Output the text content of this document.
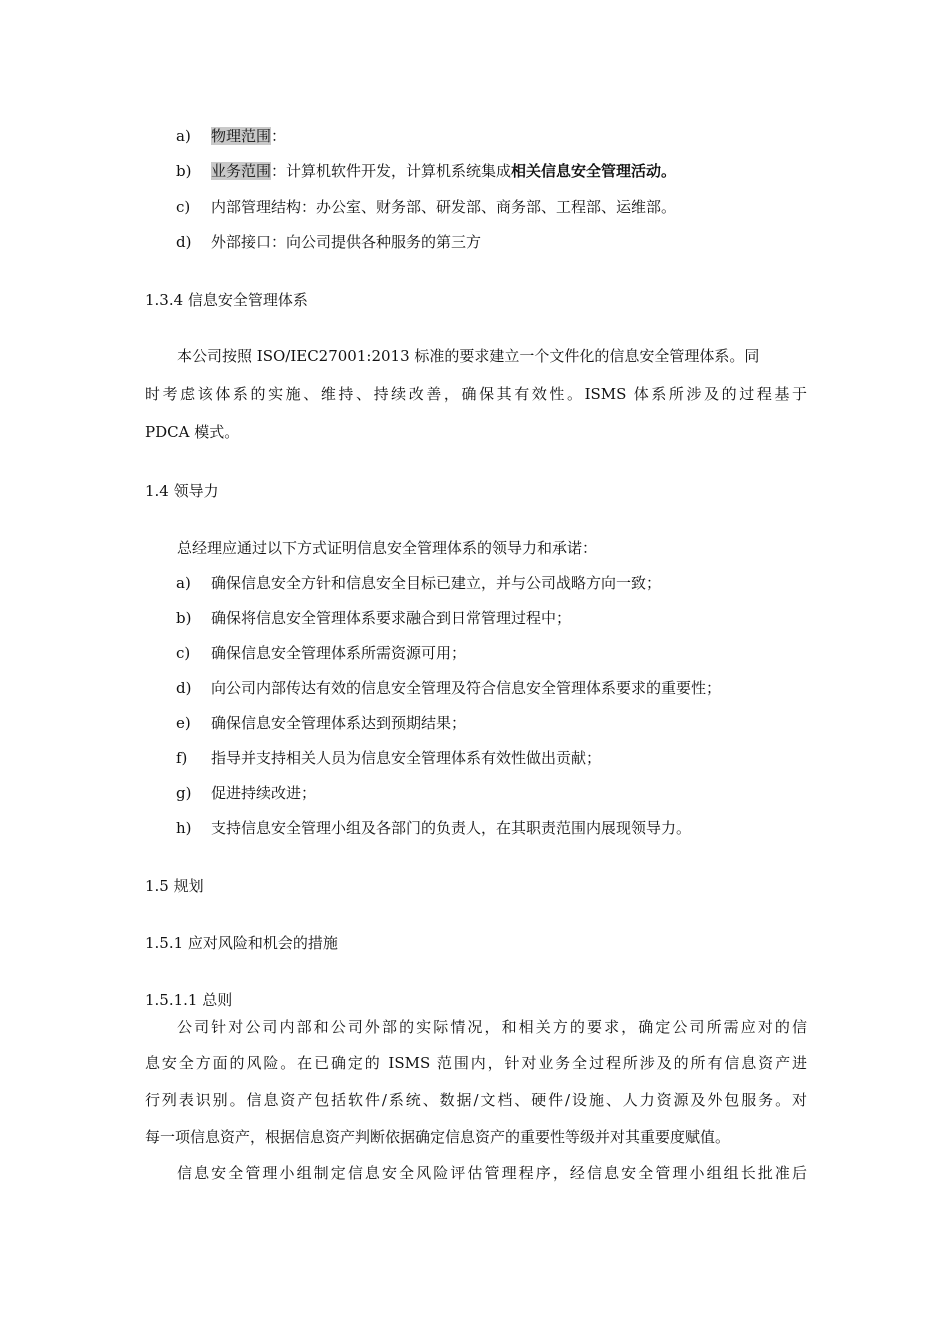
a) 物理范围：
b) 业务范围：计算机软件开发，计算机系统集成相关信息安全管理活动。
c) 内部管理结构：办公室、财务部、研发部、商务部、工程部、运维部。
d) 外部接口：向公司提供各种服务的第三方
1.3.4 信息安全管理体系
本公司按照 ISO/IEC27001:2013 标准的要求建立一个文件化的信息安全管理体系。同
时考虑该体系的实施、维持、持续改善，确保其有效性。ISMS 体系所涉及的过程基于
PDCA 模式。
1.4 领导力
总经理应通过以下方式证明信息安全管理体系的领导力和承诺：
a) 确保信息安全方针和信息安全目标已建立，并与公司战略方向一致；
b) 确保将信息安全管理体系要求融合到日常管理过程中；
c) 确保信息安全管理体系所需资源可用；
d) 向公司内部传达有效的信息安全管理及符合信息安全管理体系要求的重要性；
e) 确保信息安全管理体系达到预期结果；
f) 指导并支持相关人员为信息安全管理体系有效性做出贡献；
g) 促进持续改进；
h) 支持信息安全管理小组及各部门的负责人，在其职责范围内展现领导力。
1.5 规划
1.5.1 应对风险和机会的措施
1.5.1.1 总则
公司针对公司内部和公司外部的实际情况，和相关方的要求，确定公司所需应对的信
息安全方面的风险。在已确定的 ISMS 范围内，针对业务全过程所涉及的所有信息资产进
行列表识别。信息资产包括软件/系统、数据/文档、硬件/设施、人力资源及外包服务。对
每一项信息资产，根据信息资产判断依据确定信息资产的重要性等级并对其重要度赋值。
信息安全管理小组制定信息安全风险评估管理程序，经信息安全管理小组组长批准后
